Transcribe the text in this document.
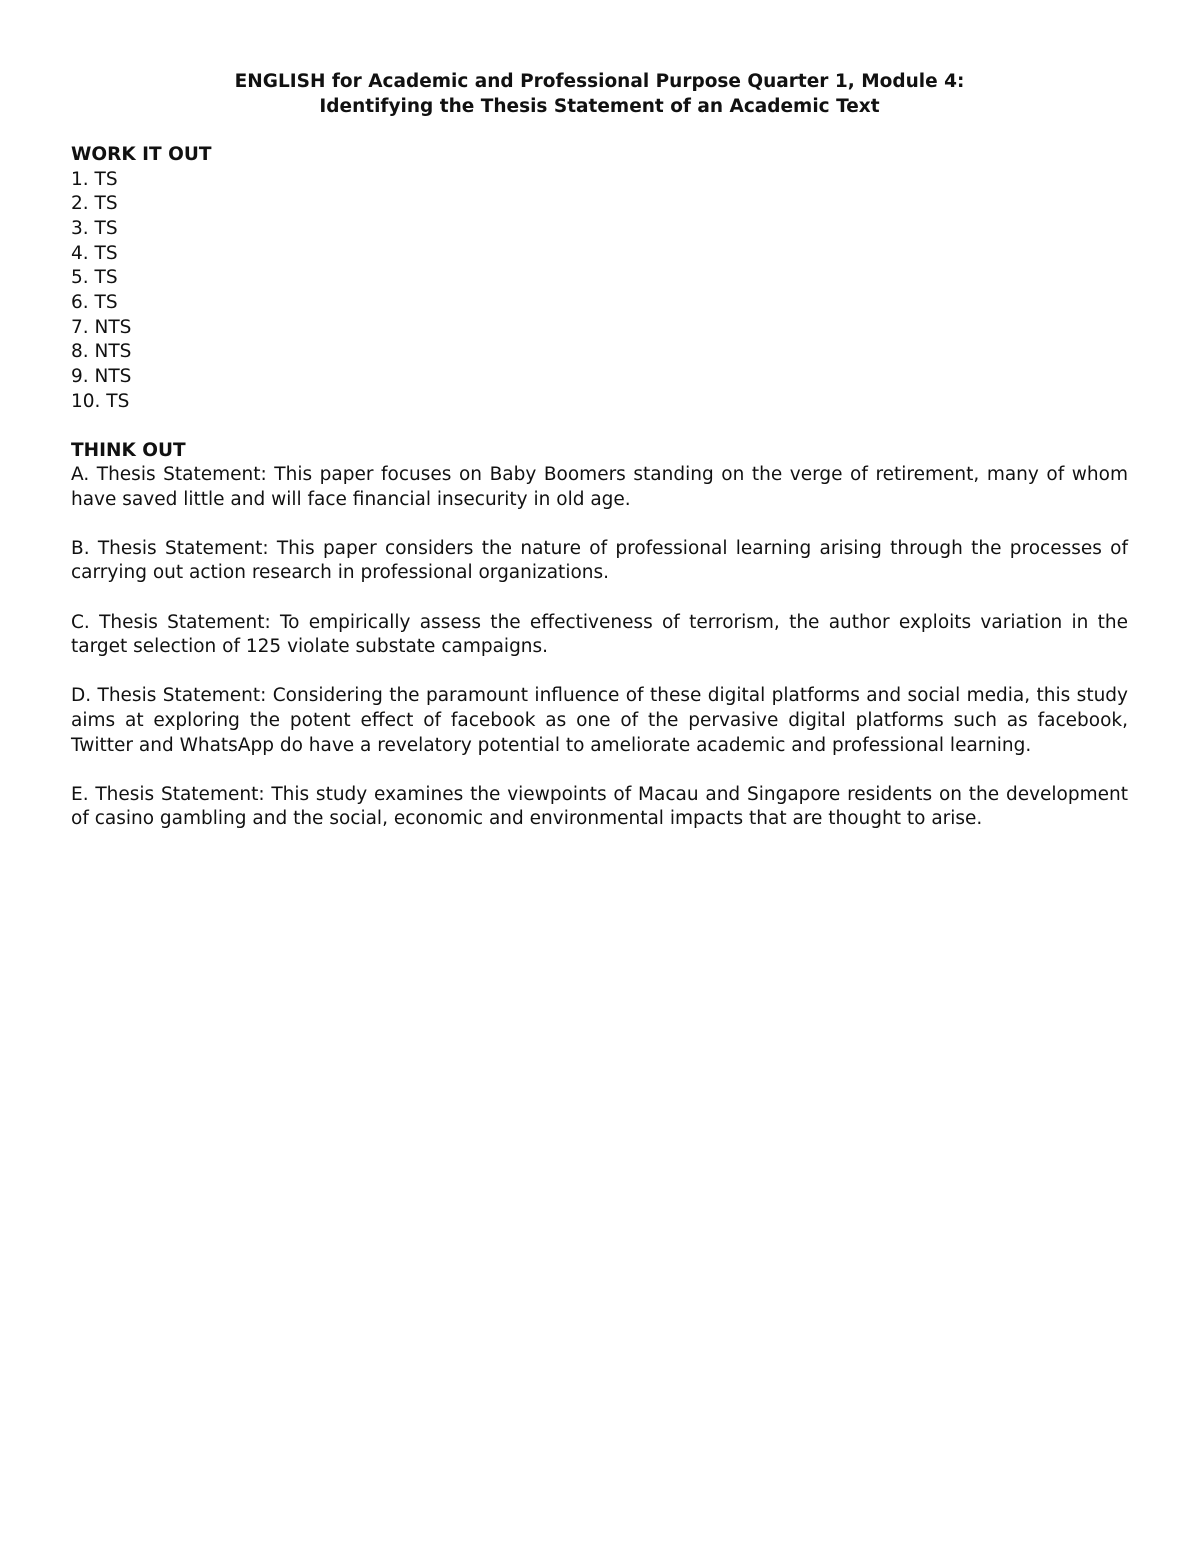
ENGLISH for Academic and Professional Purpose Quarter 1, Module 4:

Identifying the Thesis Statement of an Academic Text

WORK IT OUT

1. TS
2. TS
3. TS
4. TS
5. TS
6. TS
7. NTS
8. NTS
9. NTS
10. TS

THINK OUT

A. Thesis Statement: This paper focuses on Baby Boomers standing on the verge of retirement, many of whom have saved little and will face financial insecurity in old age.

B. Thesis Statement: This paper considers the nature of professional learning arising through the processes of carrying out action research in professional organizations.

C. Thesis Statement: To empirically assess the effectiveness of terrorism, the author exploits variation in the target selection of 125 violate substate campaigns.

D. Thesis Statement: Considering the paramount influence of these digital platforms and social media, this study aims at exploring the potent effect of facebook as one of the pervasive digital platforms such as facebook, Twitter and WhatsApp do have a revelatory potential to ameliorate academic and professional learning.

E. Thesis Statement: This study examines the viewpoints of Macau and Singapore residents on the development of casino gambling and the social, economic and environmental impacts that are thought to arise.
